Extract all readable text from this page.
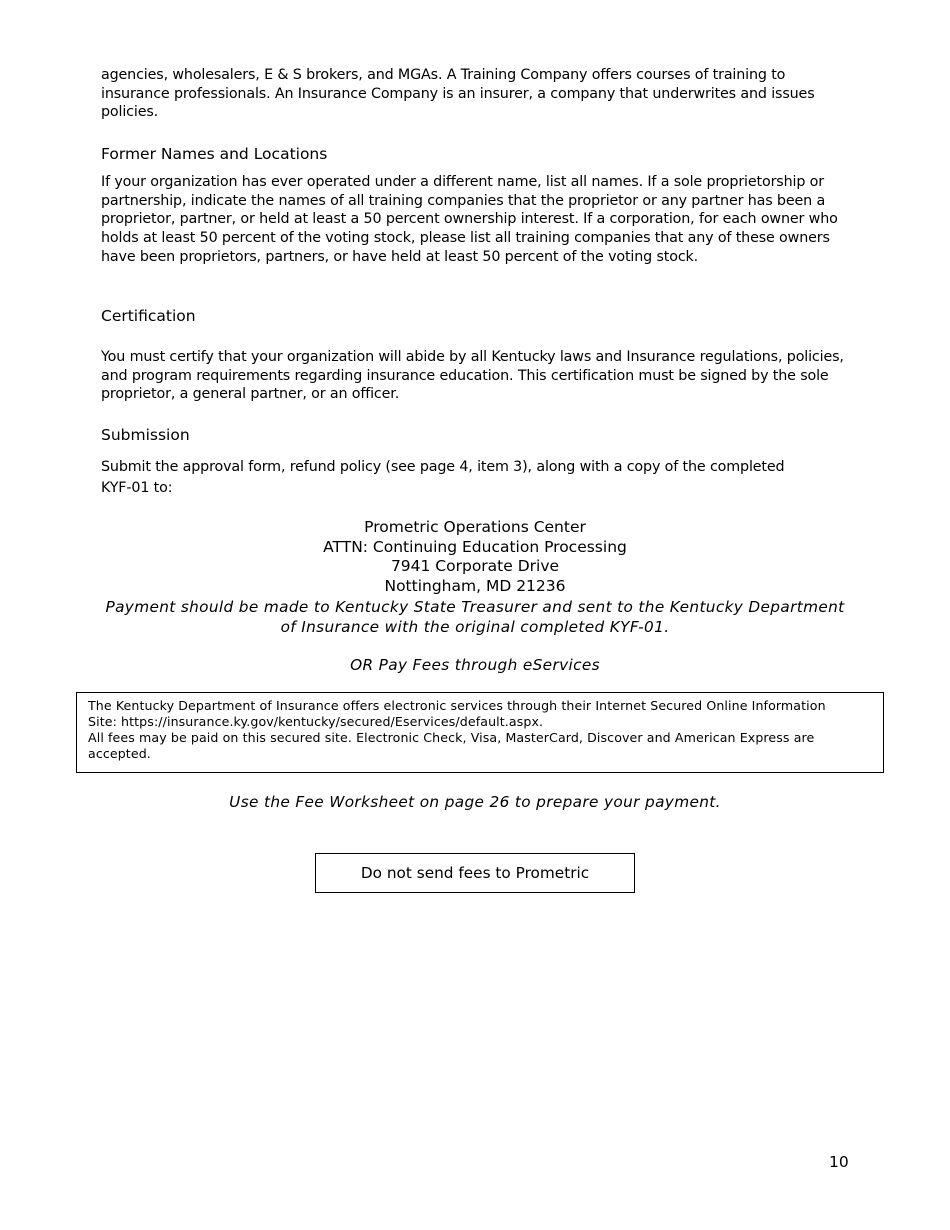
agencies, wholesalers, E & S brokers, and MGAs. A Training Company offers courses of training to insurance professionals. An Insurance Company is an insurer, a company that underwrites and issues policies.

Former Names and Locations

If your organization has ever operated under a different name, list all names. If a sole proprietorship or partnership, indicate the names of all training companies that the proprietor or any partner has been a proprietor, partner, or held at least a 50 percent ownership interest. If a corporation, for each owner who holds at least 50 percent of the voting stock, please list all training companies that any of these owners have been proprietors, partners, or have held at least 50 percent of the voting stock.

Certification

You must certify that your organization will abide by all Kentucky laws and Insurance regulations, policies, and program requirements regarding insurance education. This certification must be signed by the sole proprietor, a general partner, or an officer.

Submission

Submit the approval form, refund policy (see page 4, item 3), along with a copy of the completed
KYF-01 to:

Prometric Operations Center
ATTN: Continuing Education Processing
7941 Corporate Drive
Nottingham, MD 21236
Payment should be made to Kentucky State Treasurer and sent to the Kentucky Department
of Insurance with the original completed KYF-01.
OR Pay Fees through eServices
The Kentucky Department of Insurance offers electronic services through their Internet Secured Online Information
Site: https://insurance.ky.gov/kentucky/secured/Eservices/default.aspx.
All fees may be paid on this secured site. Electronic Check, Visa, MasterCard, Discover and American Express are
accepted.
Use the Fee Worksheet on page 26 to prepare your payment.
Do not send fees to Prometric
10
